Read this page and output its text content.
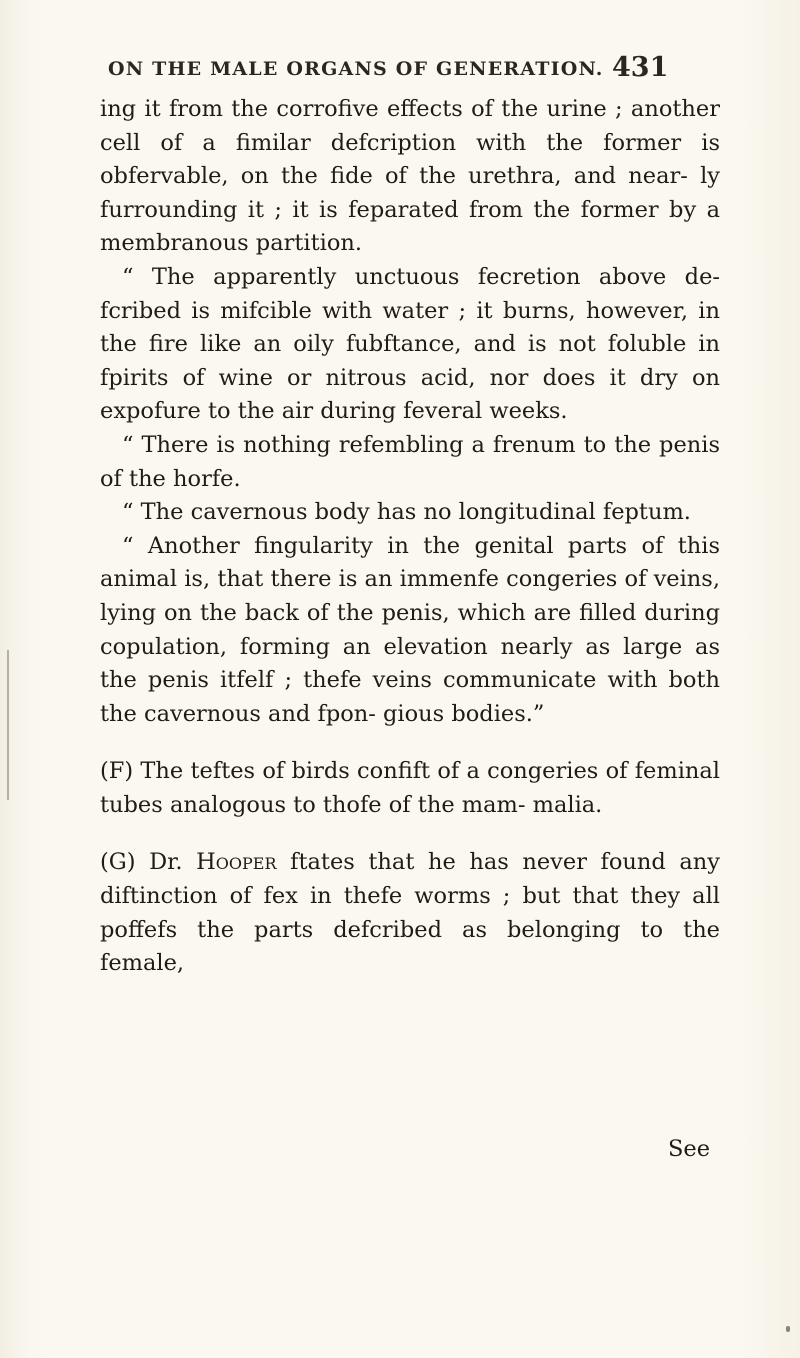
ON THE MALE ORGANS OF GENERATION. 431

ing it from the corrofive effects of the urine ; another cell of a fimilar defcription with the former is obfervable, on the fide of the urethra, and near- ly furrounding it ; it is feparated from the former by a membranous partition.

“ The apparently unctuous fecretion above de- fcribed is mifcible with water ; it burns, however, in the fire like an oily fubftance, and is not foluble in fpirits of wine or nitrous acid, nor does it dry on expofure to the air during feveral weeks.

“ There is nothing refembling a frenum to the penis of the horfe.

“ The cavernous body has no longitudinal feptum.

“ Another fingularity in the genital parts of this animal is, that there is an immenfe congeries of veins, lying on the back of the penis, which are filled during copulation, forming an elevation nearly as large as the penis itfelf ; thefe veins communicate with both the cavernous and fpon- gious bodies.”

(F) The teftes of birds confift of a congeries of feminal tubes analogous to thofe of the mam- malia.

(G) Dr. Hooper ftates that he has never found any diftinction of fex in thefe worms ; but that they all poffefs the parts defcribed as belonging to the female,

See
